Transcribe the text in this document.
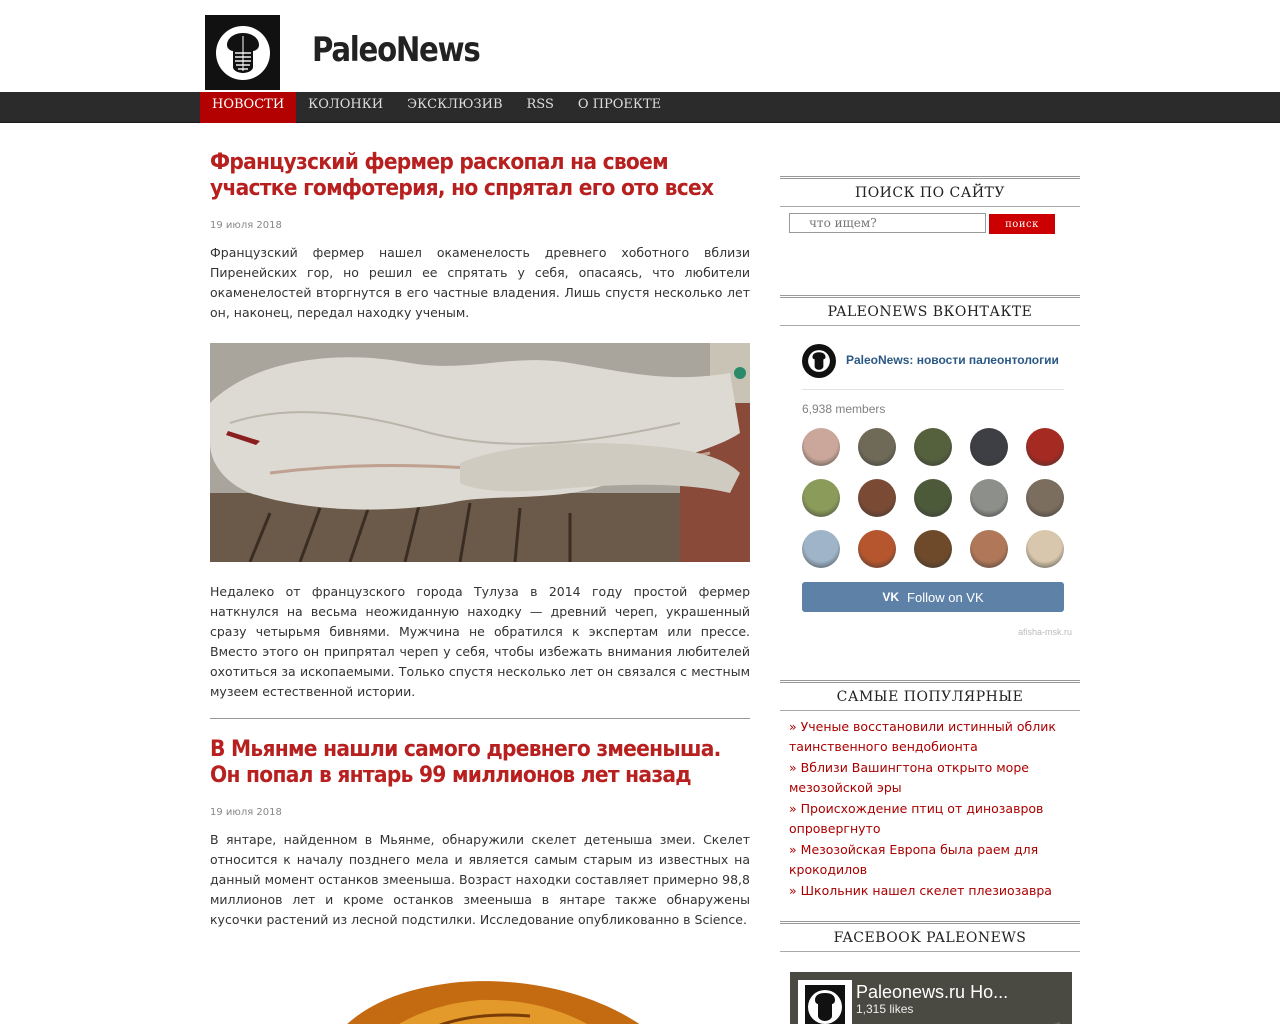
PaleoNews
НОВОСТИ	КОЛОНКИ	ЭКСКЛЮЗИВ	RSS	О ПРОЕКТЕ
Французский фермер раскопал на своем участке гомфотерия, но спрятал его ото всех
19 июля 2018

Французский фермер нашел окаменелость древнего хоботного вблизи Пиренейских гор, но решил ее спрятать у себя, опасаясь, что любители окаменелостей вторгнутся в его частные владения. Лишь спустя несколько лет он, наконец, передал находку ученым.

Недалеко от французского города Тулуза в 2014 году простой фермер наткнулся на весьма неожиданную находку — древний череп, украшенный сразу четырьмя бивнями. Мужчина не обратился к экспертам или прессе. Вместо этого он припрятал череп у себя, чтобы избежать внимания любителей охотиться за ископаемыми. Только спустя несколько лет он связался с местным музеем естественной истории.

В Мьянме нашли самого древнего змееныша. Он попал в янтарь 99 миллионов лет назад
19 июля 2018

В янтаре, найденном в Мьянме, обнаружили скелет детеныша змеи. Скелет относится к началу позднего мела и является самым старым из известных на данный момент останков змееныша. Возраст находки составляет примерно 98,8 миллионов лет и кроме останков змееныша в янтаре также обнаружены кусочки растений из лесной подстилки. Исследование опубликованно в Science.

ПОИСК ПО САЙТУ
что ищем?
поиск
PALEONEWS ВКОНТАКТЕ
PaleoNews: новости палеонтологии
6,938 members
VK Follow on VK
afisha-msk.ru
САМЫЕ ПОПУЛЯРНЫЕ
» Ученые восстановили истинный облик таинственного вендобионта
» Вблизи Вашингтона открыто море мезозойской эры
» Происхождение птиц от динозавров опровергнуто
» Мезозойская Европа была раем для крокодилов
» Школьник нашел скелет плезиозавра
FACEBOOK PALEONEWS
Paleonews.ru Но...
1,315 likes
